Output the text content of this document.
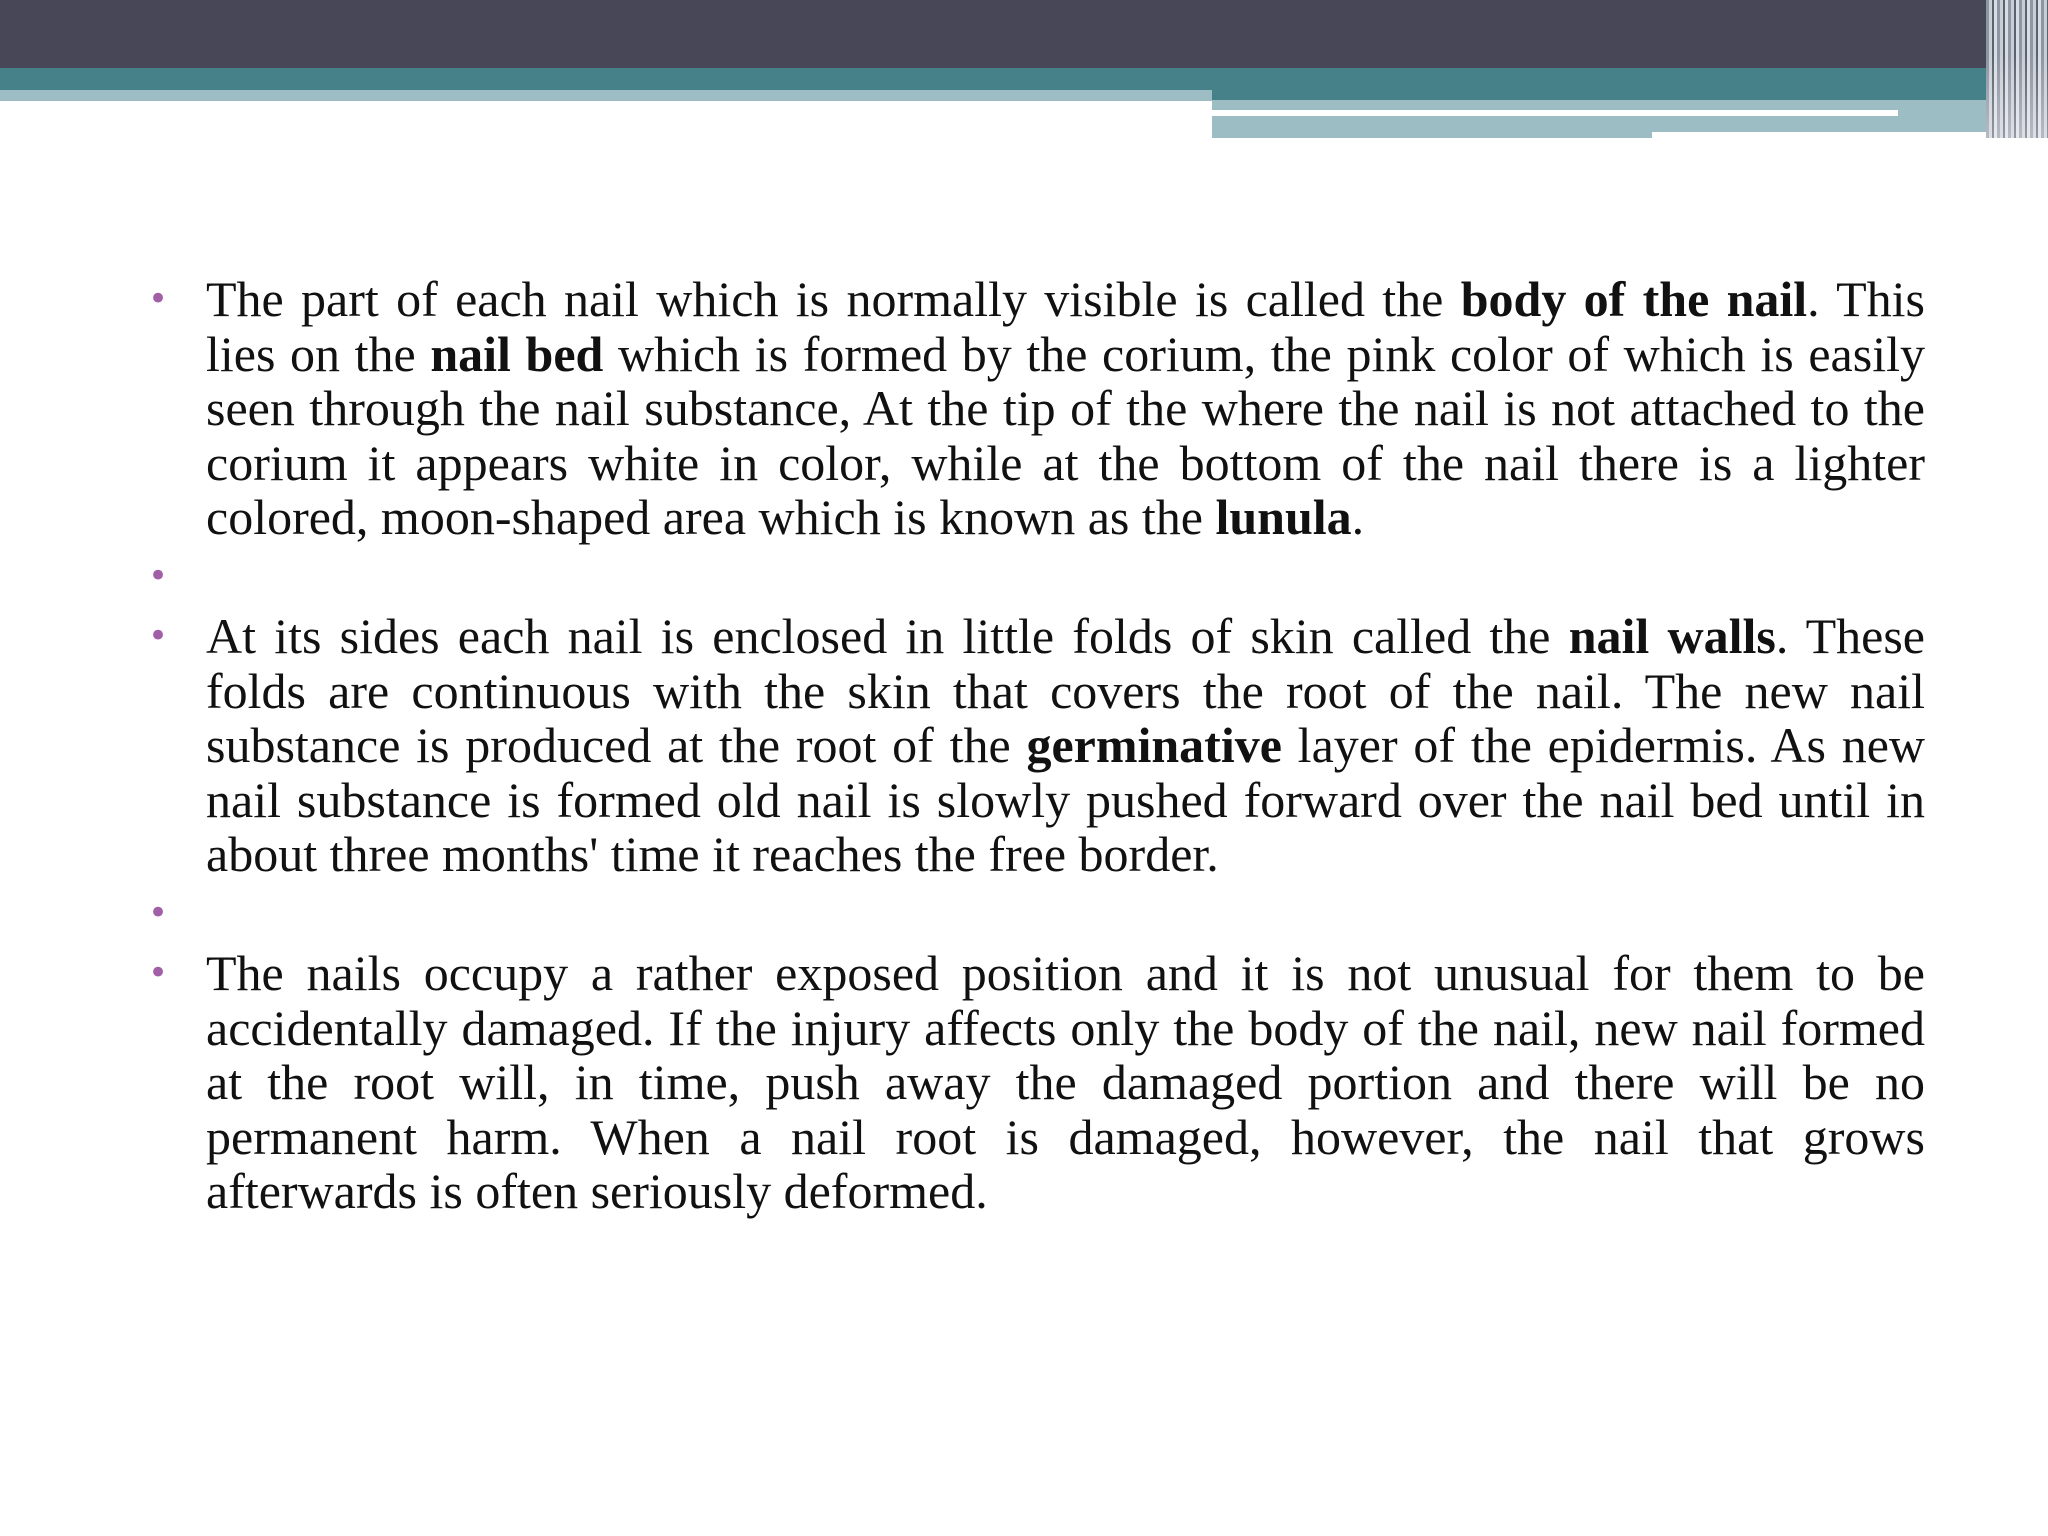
• The part of each nail which is normally visible is called the body of the nail. This lies on the nail bed which is formed by the corium, the pink color of which is easily seen through the nail substance, At the tip of the where the nail is not attached to the corium it appears white in color, while at the bottom of the nail there is a lighter colored, moon-shaped area which is known as the lunula.
•
• At its sides each nail is enclosed in little folds of skin called the nail walls. These folds are continuous with the skin that covers the root of the nail. The new nail substance is produced at the root of the germinative layer of the epidermis. As new nail substance is formed old nail is slowly pushed forward over the nail bed until in about three months' time it reaches the free border.
•
• The nails occupy a rather exposed position and it is not unusual for them to be accidentally damaged. If the injury affects only the body of the nail, new nail formed at the root will, in time, push away the damaged portion and there will be no permanent harm. When a nail root is damaged, however, the nail that grows afterwards is often seriously deformed.
